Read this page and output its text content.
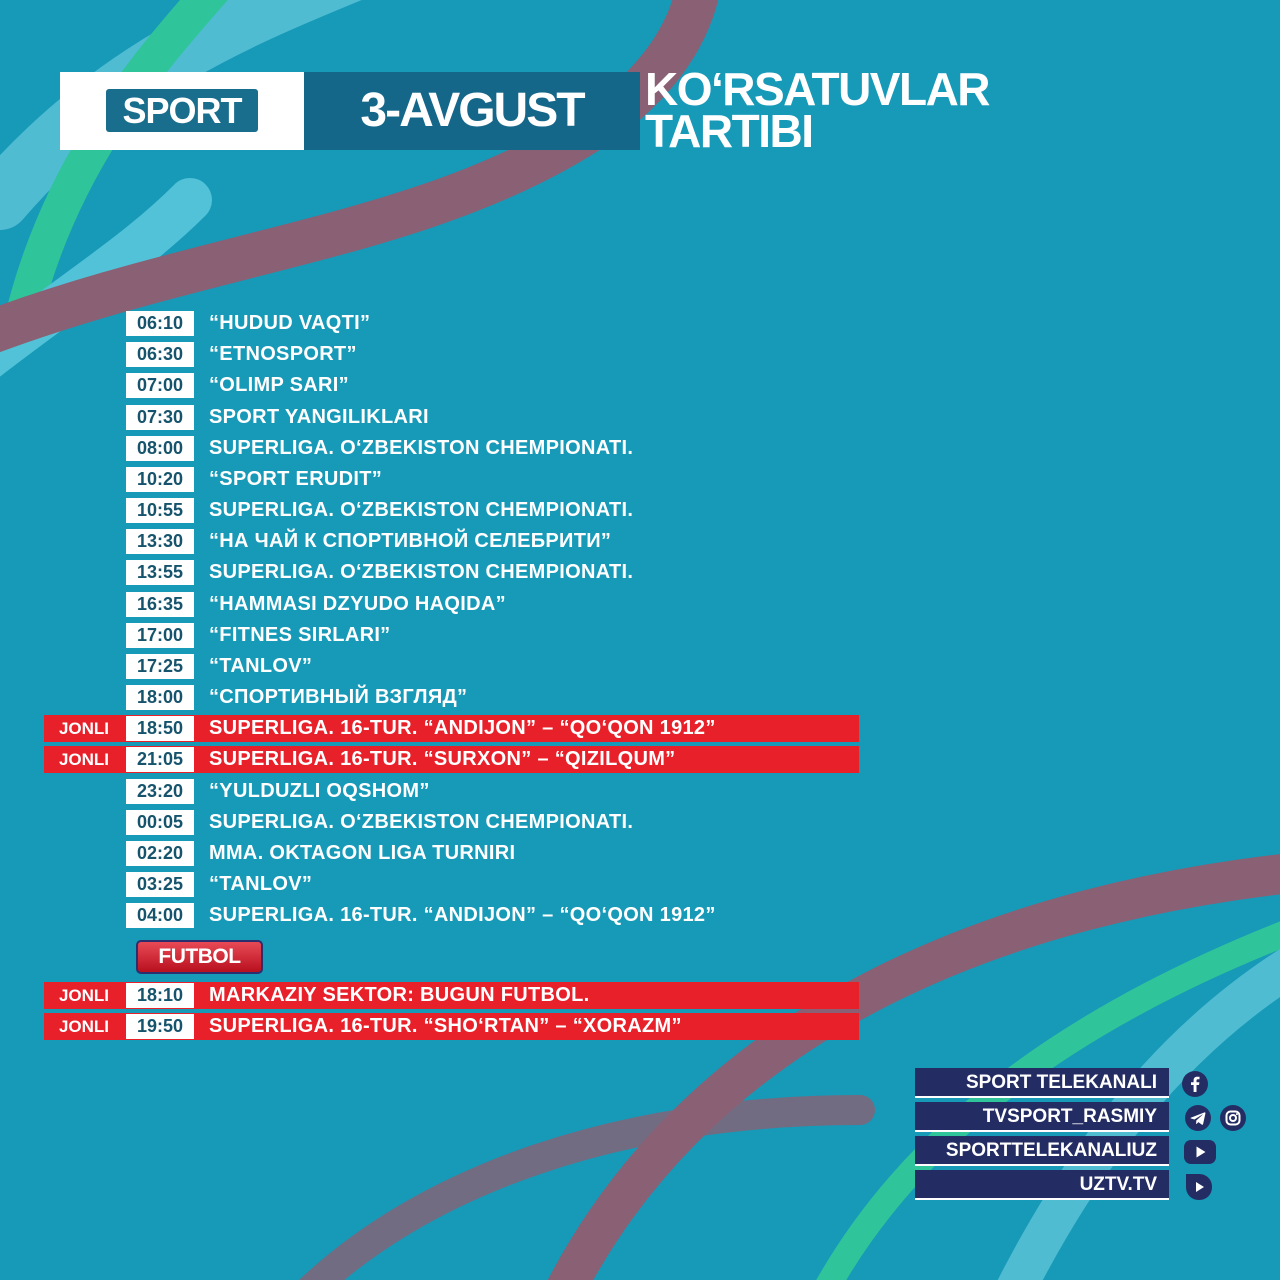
SPORT	3-AVGUST	KO‘RSATUVLAR
TARTIBI
06:10	“HUDUD VAQTI”
06:30	“ETNOSPORT”
07:00	“OLIMP SARI”
07:30	SPORT YANGILIKLARI
08:00	SUPERLIGA. O‘ZBEKISTON CHEMPIONATI.
10:20	“SPORT ERUDIT”
10:55	SUPERLIGA. O‘ZBEKISTON CHEMPIONATI.
13:30	“НА ЧАЙ К СПОРТИВНОЙ СЕЛЕБРИТИ”
13:55	SUPERLIGA. O‘ZBEKISTON CHEMPIONATI.
16:35	“HAMMASI DZYUDO HAQIDA”
17:00	“FITNES SIRLARI”
17:25	“TANLOV”
18:00	“СПОРТИВНЫЙ ВЗГЛЯД”
JONLI	18:50	SUPERLIGA. 16-TUR. “ANDIJON” – “QO‘QON 1912”
JONLI	21:05	SUPERLIGA. 16-TUR. “SURXON” – “QIZILQUM”
23:20	“YULDUZLI OQSHOM”
00:05	SUPERLIGA. O‘ZBEKISTON CHEMPIONATI.
02:20	MMA. OKTAGON LIGA TURNIRI
03:25	“TANLOV”
04:00	SUPERLIGA. 16-TUR. “ANDIJON” – “QO‘QON 1912”
FUTBOL
JONLI	18:10	MARKAZIY SEKTOR: BUGUN FUTBOL.
JONLI	19:50	SUPERLIGA. 16-TUR. “SHO‘RTAN” – “XORAZM”
SPORT TELEKANALI
TVSPORT_RASMIY
SPORTTELEKANALIUZ
UZTV.TV
